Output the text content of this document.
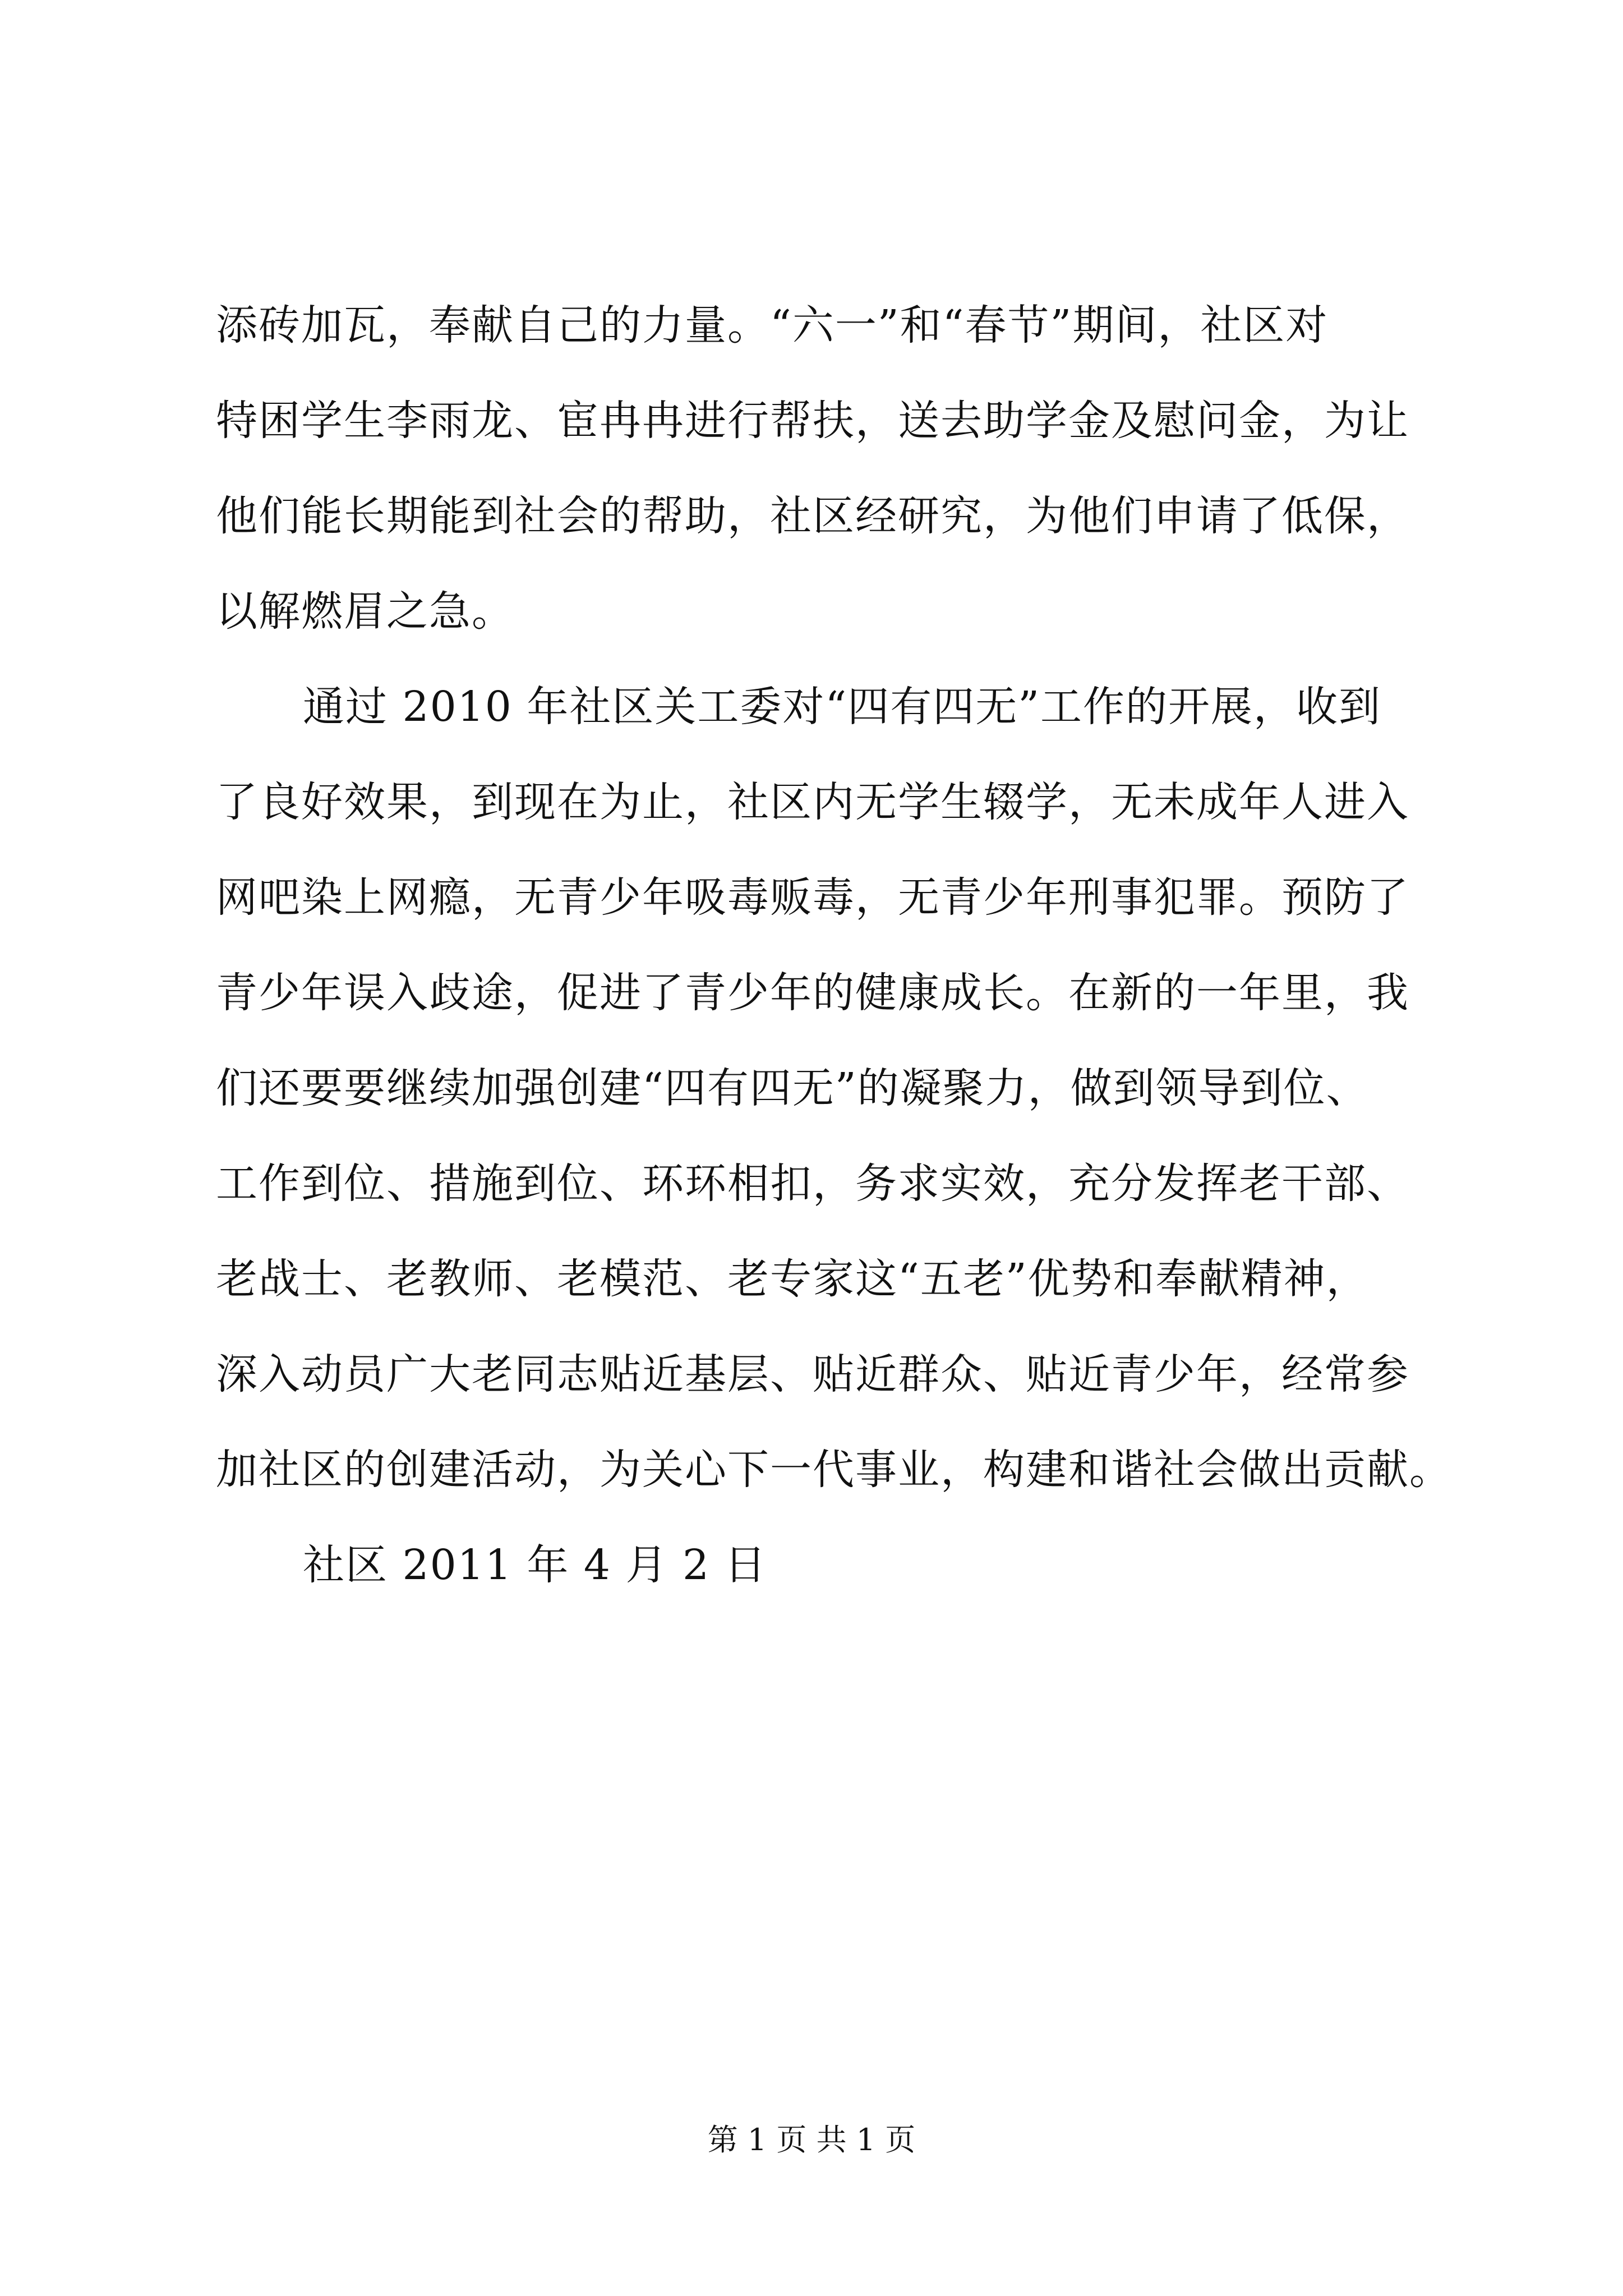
添砖加瓦，奉献自己的力量。“六一”和“春节”期间，社区对
特困学生李雨龙、宦冉冉进行帮扶，送去助学金及慰问金，为让
他们能长期能到社会的帮助，社区经研究，为他们申请了低保，
以解燃眉之急。
通过 2010 年社区关工委对“四有四无”工作的开展，收到
了良好效果，到现在为止，社区内无学生辍学，无未成年人进入
网吧染上网瘾，无青少年吸毒贩毒，无青少年刑事犯罪。预防了
青少年误入歧途，促进了青少年的健康成长。在新的一年里，我
们还要要继续加强创建“四有四无”的凝聚力，做到领导到位、
工作到位、措施到位、环环相扣，务求实效，充分发挥老干部、
老战士、老教师、老模范、老专家这“五老”优势和奉献精神，
深入动员广大老同志贴近基层、贴近群众、贴近青少年，经常参
加社区的创建活动，为关心下一代事业，构建和谐社会做出贡献。
社区 2011 年 4 月 2 日
第 1 页 共 1 页
